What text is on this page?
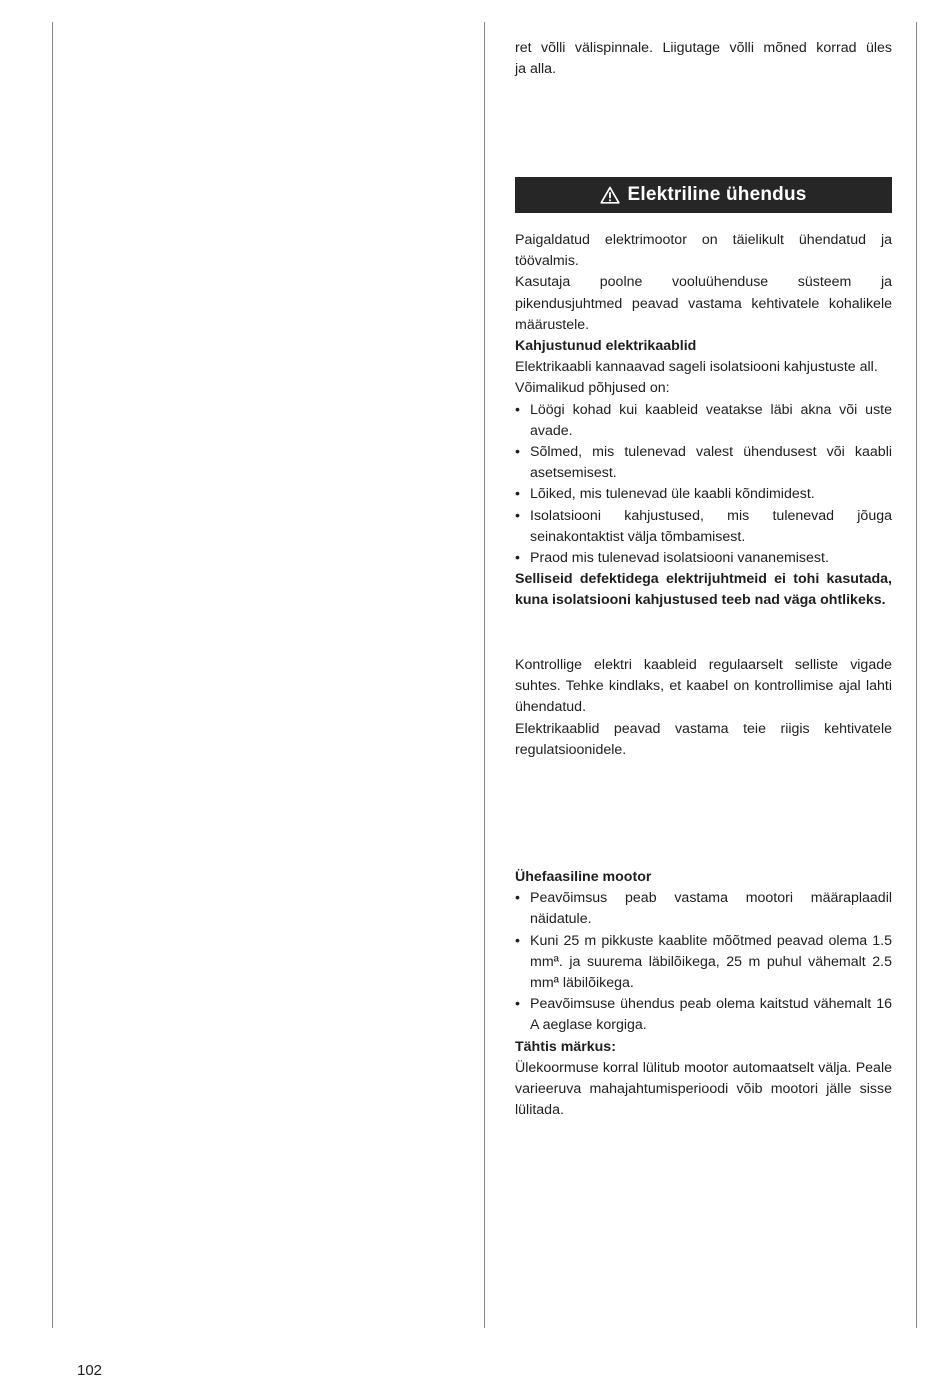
ret võlli välispinnale. Liigutage võlli mõned korrad üles

ja alla.

Elektriline ühendus

Paigaldatud elektrimootor on täielikult ühendatud ja töövalmis.

Kasutaja poolne vooluühenduse süsteem ja pikendusjuhtmed peavad vastama kehtivatele kohalikele määrustele.

Kahjustunud elektrikaablid

Elektrikaabli kannaavad sageli isolatsiooni kahjustuste all.

Võimalikud põhjused on:

• Löögi kohad kui kaableid veatakse läbi akna või uste avade.
• Sõlmed, mis tulenevad valest ühendusest või kaabli asetsemisest.
• Lõiked, mis tulenevad üle kaabli kõndimidest.
• Isolatsiooni kahjustused, mis tulenevad jõuga seinakontaktist välja tõmbamisest.
• Praod mis tulenevad isolatsiooni vananemisest.

Selliseid defektidega elektrijuhtmeid ei tohi kasutada, kuna isolatsiooni kahjustused teeb nad väga ohtlikeks.

Kontrollige elektri kaableid regulaarselt selliste vigade suhtes. Tehke kindlaks, et kaabel on kontrollimise ajal lahti ühendatud.

Elektrikaablid peavad vastama teie riigis kehtivatele regulatsioonidele.

Ühefaasiline mootor

• Peavõimsus peab vastama mootori määraplaadil näidatule.
• Kuni 25 m pikkuste kaablite mõõtmed peavad olema 1.5 mmª. ja suurema läbilõikega, 25 m puhul vähemalt 2.5 mmª läbilõikega.
• Peavõimsuse ühendus peab olema kaitstud vähemalt 16 A aeglase korgiga.

Tähtis märkus:

Ülekoormuse korral lülitub mootor automaatselt välja. Peale varieeruva mahajahtumisperioodi võib mootori jälle sisse lülitada.

102
